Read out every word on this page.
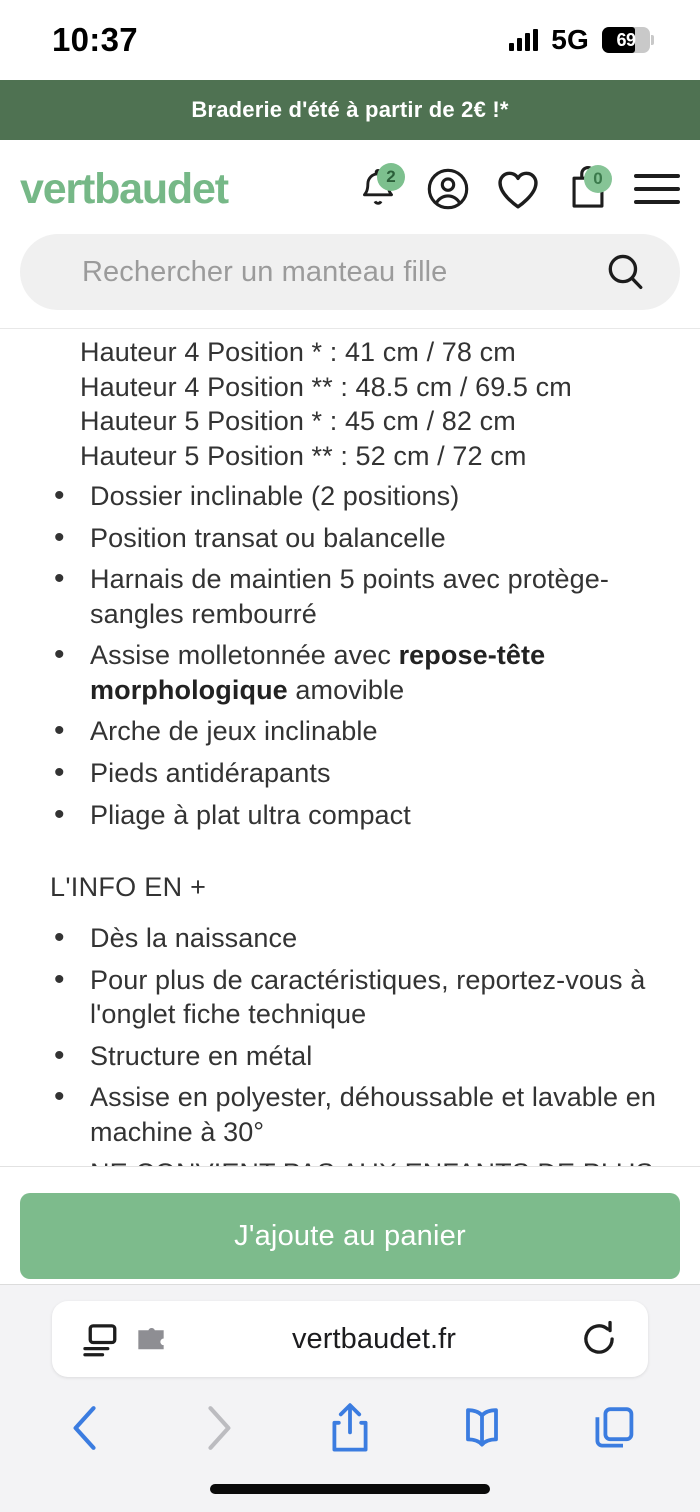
10:37	5G	69
Braderie d'été à partir de 2€ !*
vertbaudet	2	0
Rechercher un manteau fille
Hauteur 4 Position * : 41 cm / 78 cm
Hauteur 4 Position ** : 48.5 cm / 69.5 cm
Hauteur 5 Position * : 45 cm / 82 cm
Hauteur 5 Position ** : 52 cm / 72 cm
• Dossier inclinable (2 positions)
• Position transat ou balancelle
• Harnais de maintien 5 points avec protège-sangles rembourré
• Assise molletonnée avec repose-tête morphologique amovible
• Arche de jeux inclinable
• Pieds antidérapants
• Pliage à plat ultra compact
L'INFO EN +
• Dès la naissance
• Pour plus de caractéristiques, reportez-vous à l'onglet fiche technique
• Structure en métal
• Assise en polyester, déhoussable et lavable en machine à 30°
•
J'ajoute au panier
vertbaudet.fr
